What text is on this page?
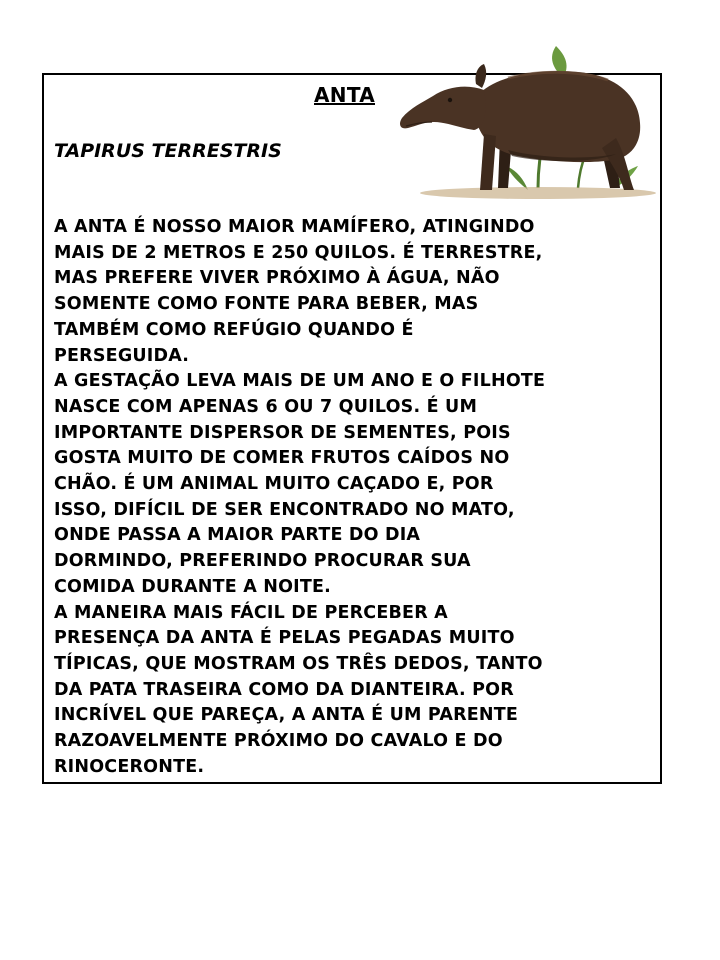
ANTA
TAPIRUS TERRESTRIS
A ANTA É NOSSO MAIOR MAMÍFERO, ATINGINDO
MAIS DE 2 METROS E 250 QUILOS. É TERRESTRE,
MAS PREFERE VIVER PRÓXIMO À ÁGUA, NÃO
SOMENTE COMO FONTE PARA BEBER, MAS
TAMBÉM COMO REFÚGIO QUANDO É
PERSEGUIDA.
A GESTAÇÃO LEVA MAIS DE UM ANO E O FILHOTE
NASCE COM APENAS 6 OU 7 QUILOS. É UM
IMPORTANTE DISPERSOR DE SEMENTES, POIS
GOSTA MUITO DE COMER FRUTOS CAÍDOS NO
CHÃO. É UM ANIMAL MUITO CAÇADO E, POR
ISSO, DIFÍCIL DE SER ENCONTRADO NO MATO,
ONDE PASSA A MAIOR PARTE DO DIA
DORMINDO, PREFERINDO PROCURAR SUA
COMIDA DURANTE A NOITE.
A MANEIRA MAIS FÁCIL DE PERCEBER A
PRESENÇA DA ANTA É PELAS PEGADAS MUITO
TÍPICAS, QUE MOSTRAM OS TRÊS DEDOS, TANTO
DA PATA TRASEIRA COMO DA DIANTEIRA. POR
INCRÍVEL QUE PAREÇA, A ANTA É UM PARENTE
RAZOAVELMENTE PRÓXIMO DO CAVALO E DO
RINOCERONTE.
